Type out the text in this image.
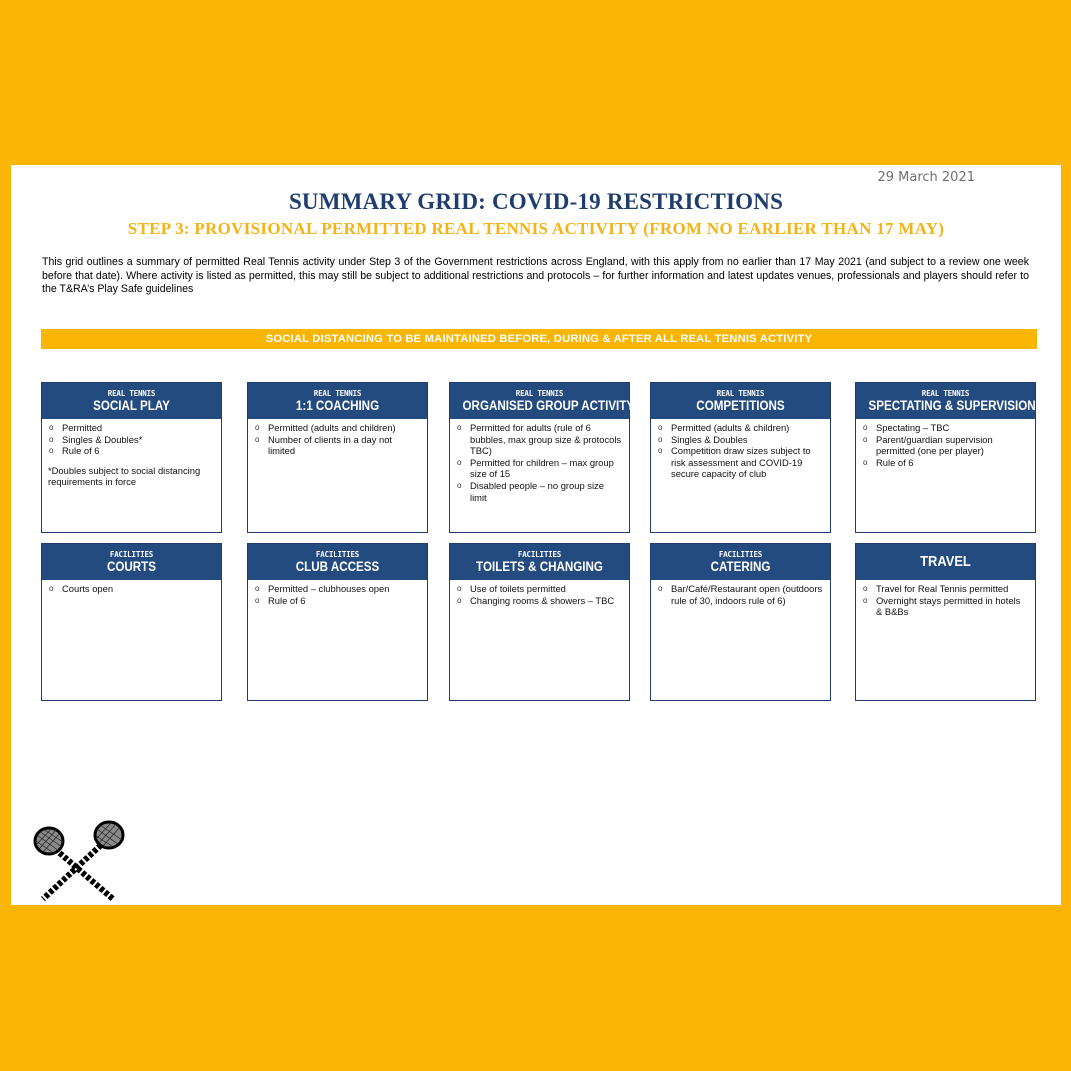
29 March 2021
SUMMARY GRID: COVID-19 RESTRICTIONS
STEP 3: PROVISIONAL PERMITTED REAL TENNIS ACTIVITY (FROM NO EARLIER THAN 17 MAY)

This grid outlines a summary of permitted Real Tennis activity under Step 3 of the Government restrictions across England, with this apply from no earlier than 17 May 2021 (and subject to a review one week before that date). Where activity is listed as permitted, this may still be subject to additional restrictions and protocols – for further information and latest updates venues, professionals and players should refer to the T&RA’s Play Safe guidelines

SOCIAL DISTANCING TO BE MAINTAINED BEFORE, DURING & AFTER ALL REAL TENNIS ACTIVITY
REAL TENNIS
SOCIAL PLAY
o Permitted
o Singles & Doubles*
o Rule of 6

*Doubles subject to social distancing requirements in force

REAL TENNIS
1:1 COACHING
o Permitted (adults and children)
o Number of clients in a day not limited
REAL TENNIS
ORGANISED GROUP ACTIVITY
o Permitted for adults (rule of 6 bubbles, max group size & protocols TBC)
o Permitted for children – max group size of 15
o Disabled people – no group size limit
REAL TENNIS
COMPETITIONS
o Permitted (adults & children)
o Singles & Doubles
o Competition draw sizes subject to risk assessment and COVID-19 secure capacity of club
REAL TENNIS
SPECTATING & SUPERVISION
o Spectating – TBC
o Parent/guardian supervision permitted (one per player)
o Rule of 6
FACILITIES
COURTS
o Courts open
FACILITIES
CLUB ACCESS
o Permitted – clubhouses open
o Rule of 6
FACILITIES
TOILETS & CHANGING
o Use of toilets permitted
o Changing rooms & showers – TBC
FACILITIES
CATERING
o Bar/Café/Restaurant open (outdoors rule of 30, indoors rule of 6)
TRAVEL
o Travel for Real Tennis permitted
o Overnight stays permitted in hotels & B&Bs
